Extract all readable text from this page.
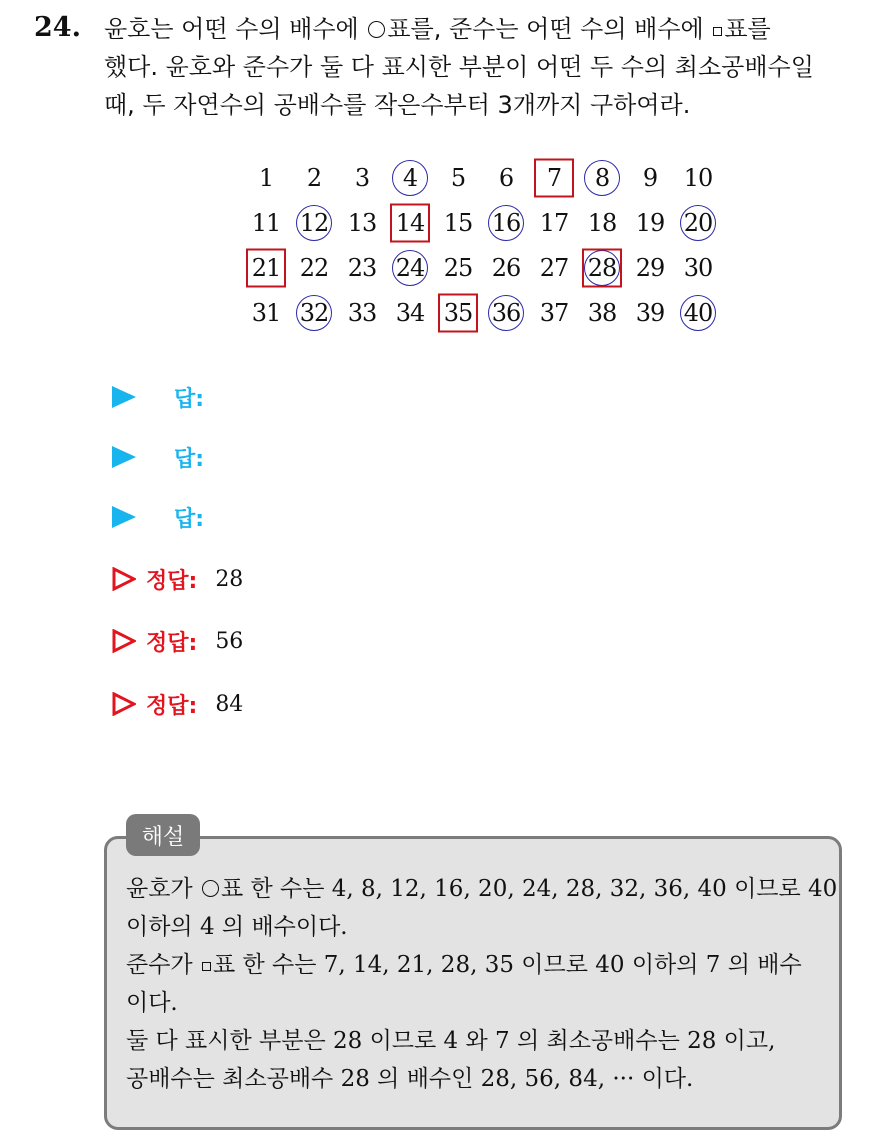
24. 윤호는 어떤 수의 배수에 표를, 준수는 어떤 수의 배수에 표를

했다. 윤호와 준수가 둘 다 표시한 부분이 어떤 두 수의 최소공배수일

때, 두 자연수의 공배수를 작은수부터 3개까지 구하여라.

1 2 3 4 5 6 7 8 9 10
11 12 13 14 15 16 17 18 19 20
21 22 23 24 25 26 27 28 29 30
31 32 33 34 35 36 37 38 39 40
답:
답:
답:
정답: 28
정답: 56
정답: 84
해설

윤호가 표 한 수는 4, 8, 12, 16, 20, 24, 28, 32, 36, 40 이므로 40

이하의 4 의 배수이다.

준수가 표 한 수는 7, 14, 21, 28, 35 이므로 40 이하의 7 의 배수

이다.

둘 다 표시한 부분은 28 이므로 4 와 7 의 최소공배수는 28 이고,

공배수는 최소공배수 28 의 배수인 28, 56, 84, ··· 이다.
